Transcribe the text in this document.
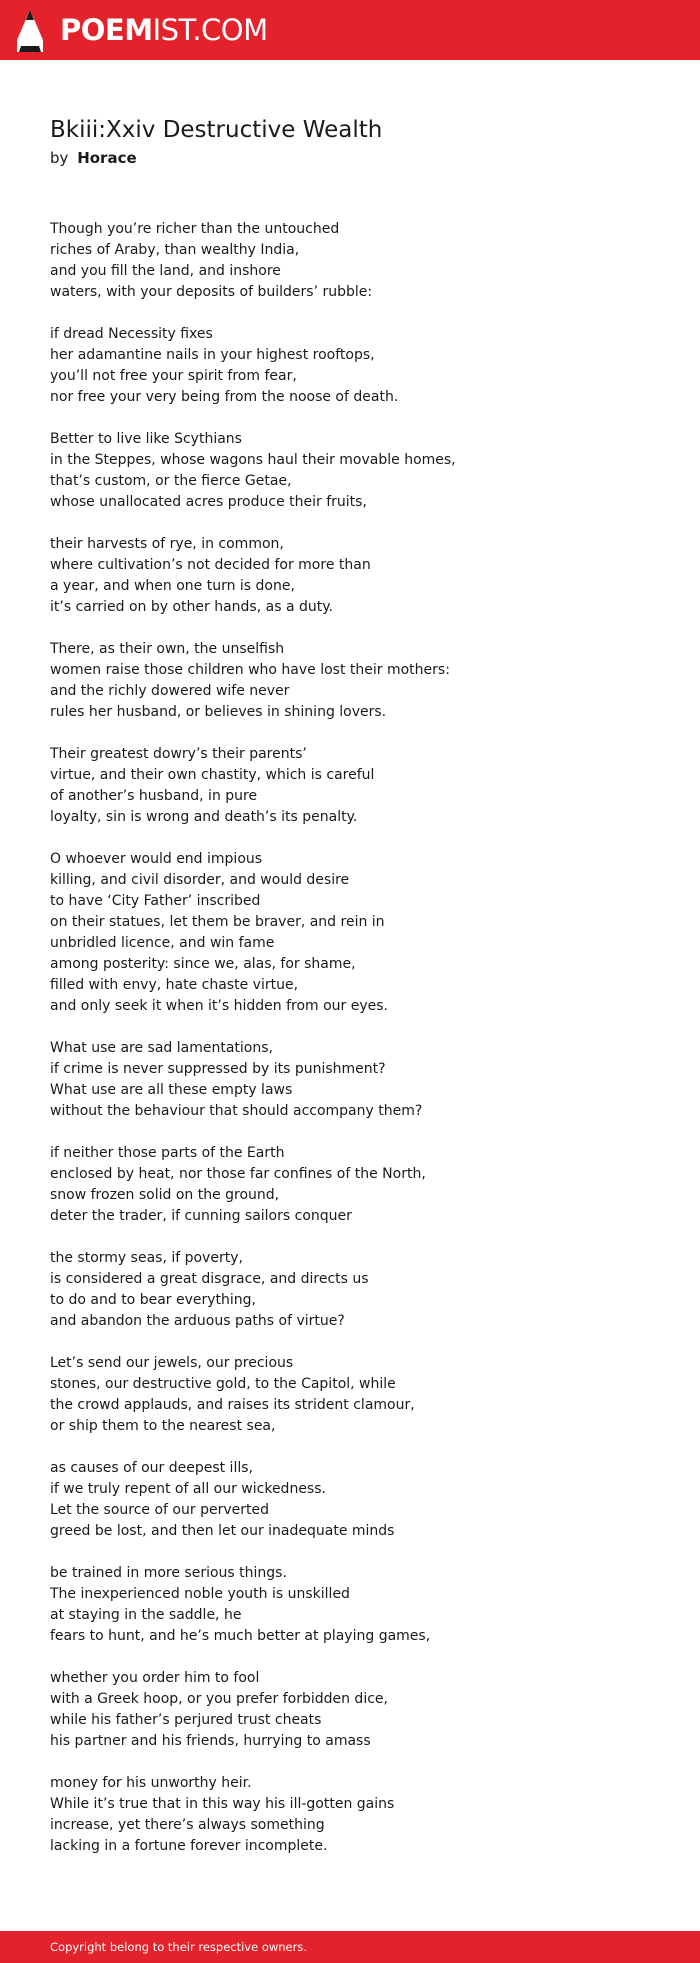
POEMIST.COM
Bkiii:Xxiv Destructive Wealth
by Horace
Though you’re richer than the untouched
riches of Araby, than wealthy India,
and you fill the land, and inshore
waters, with your deposits of builders’ rubble:
if dread Necessity fixes
her adamantine nails in your highest rooftops,
you’ll not free your spirit from fear,
nor free your very being from the noose of death.
Better to live like Scythians
in the Steppes, whose wagons haul their movable homes,
that’s custom, or the fierce Getae,
whose unallocated acres produce their fruits,
their harvests of rye, in common,
where cultivation’s not decided for more than
a year, and when one turn is done,
it’s carried on by other hands, as a duty.
There, as their own, the unselfish
women raise those children who have lost their mothers:
and the richly dowered wife never
rules her husband, or believes in shining lovers.
Their greatest dowry’s their parents’
virtue, and their own chastity, which is careful
of another’s husband, in pure
loyalty, sin is wrong and death’s its penalty.
O whoever would end impious
killing, and civil disorder, and would desire
to have ‘City Father’ inscribed
on their statues, let them be braver, and rein in
unbridled licence, and win fame
among posterity: since we, alas, for shame,
filled with envy, hate chaste virtue,
and only seek it when it’s hidden from our eyes.
What use are sad lamentations,
if crime is never suppressed by its punishment?
What use are all these empty laws
without the behaviour that should accompany them?
if neither those parts of the Earth
enclosed by heat, nor those far confines of the North,
snow frozen solid on the ground,
deter the trader, if cunning sailors conquer
the stormy seas, if poverty,
is considered a great disgrace, and directs us
to do and to bear everything,
and abandon the arduous paths of virtue?
Let’s send our jewels, our precious
stones, our destructive gold, to the Capitol, while
the crowd applauds, and raises its strident clamour,
or ship them to the nearest sea,
as causes of our deepest ills,
if we truly repent of all our wickedness.
Let the source of our perverted
greed be lost, and then let our inadequate minds
be trained in more serious things.
The inexperienced noble youth is unskilled
at staying in the saddle, he
fears to hunt, and he’s much better at playing games,
whether you order him to fool
with a Greek hoop, or you prefer forbidden dice,
while his father’s perjured trust cheats
his partner and his friends, hurrying to amass
money for his unworthy heir.
While it’s true that in this way his ill-gotten gains
increase, yet there’s always something
lacking in a fortune forever incomplete.
Copyright belong to their respective owners.
